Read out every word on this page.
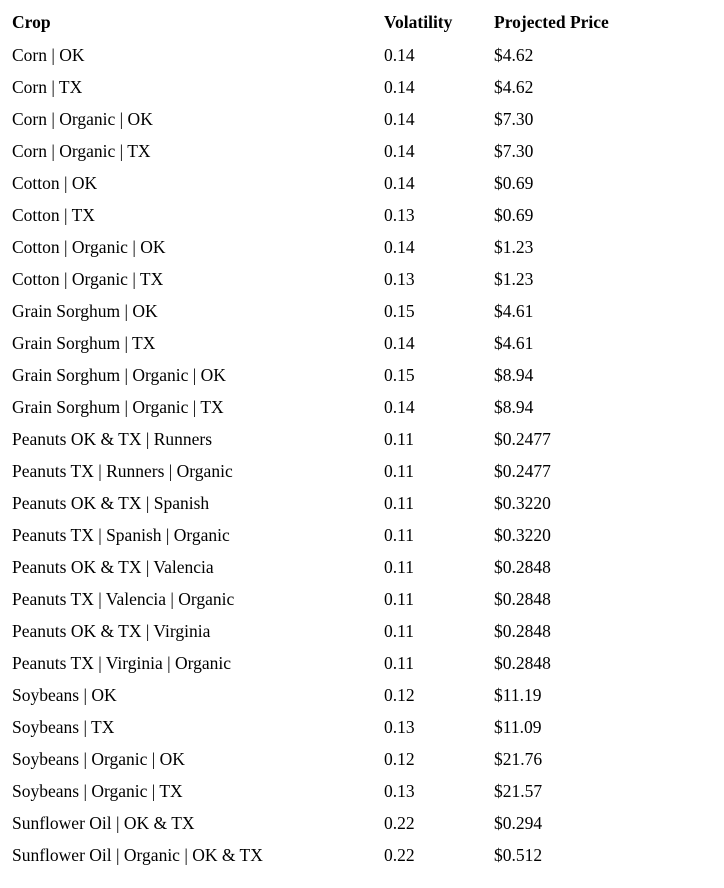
Crop	Volatility	Projected Price
Corn | OK	0.14	$4.62
Corn | TX	0.14	$4.62
Corn | Organic | OK	0.14	$7.30
Corn | Organic | TX	0.14	$7.30
Cotton | OK	0.14	$0.69
Cotton | TX	0.13	$0.69
Cotton | Organic | OK	0.14	$1.23
Cotton | Organic | TX	0.13	$1.23
Grain Sorghum | OK	0.15	$4.61
Grain Sorghum | TX	0.14	$4.61
Grain Sorghum | Organic | OK	0.15	$8.94
Grain Sorghum | Organic | TX	0.14	$8.94
Peanuts OK & TX | Runners	0.11	$0.2477
Peanuts TX | Runners | Organic	0.11	$0.2477
Peanuts OK & TX | Spanish	0.11	$0.3220
Peanuts TX | Spanish | Organic	0.11	$0.3220
Peanuts OK & TX | Valencia	0.11	$0.2848
Peanuts TX | Valencia | Organic	0.11	$0.2848
Peanuts OK & TX | Virginia	0.11	$0.2848
Peanuts TX | Virginia | Organic	0.11	$0.2848
Soybeans | OK	0.12	$11.19
Soybeans | TX	0.13	$11.09
Soybeans | Organic | OK	0.12	$21.76
Soybeans | Organic | TX	0.13	$21.57
Sunflower Oil | OK & TX	0.22	$0.294
Sunflower Oil | Organic | OK & TX	0.22	$0.512
